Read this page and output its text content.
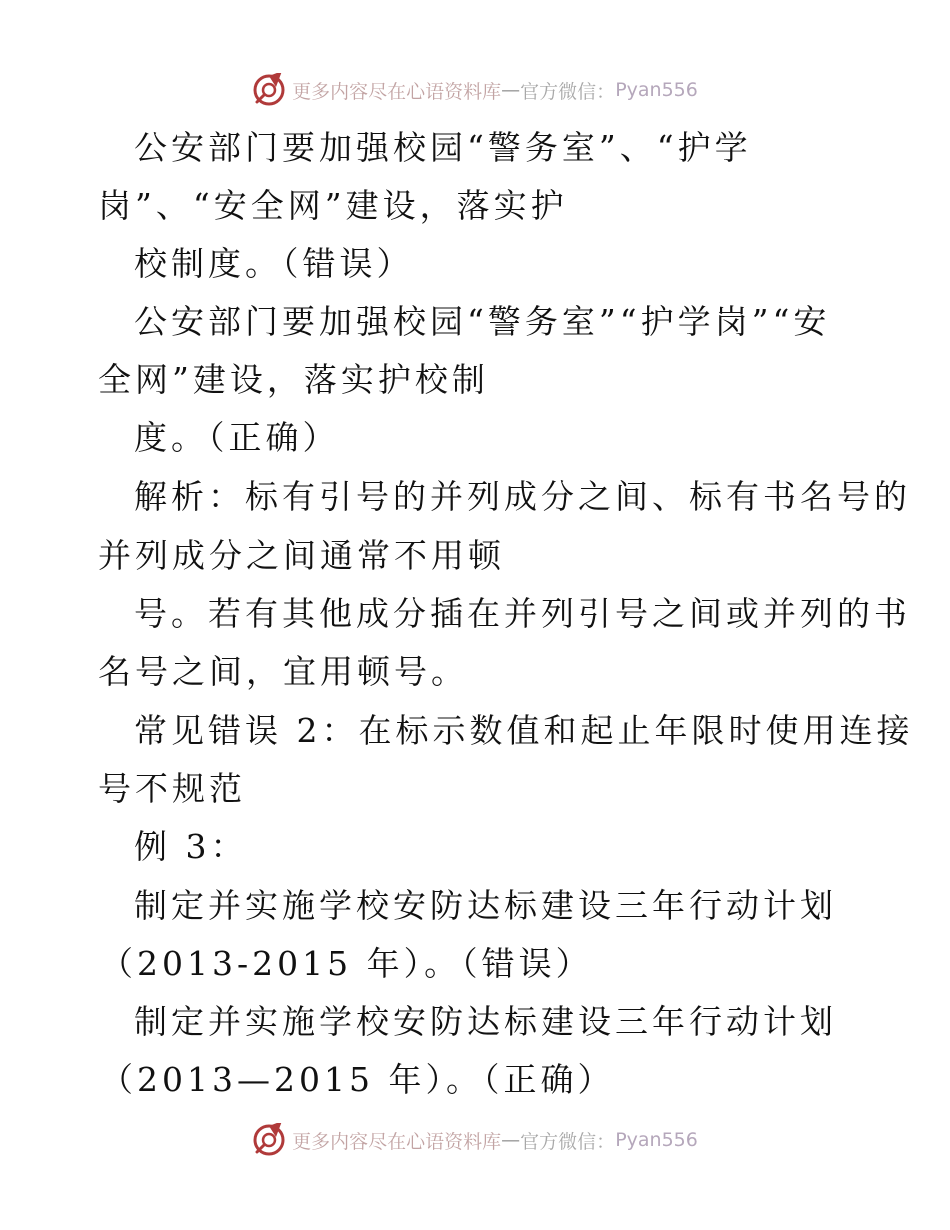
更多内容尽在心语资料库 — 官方微信： Pyan556
公安部门要加强校园“警务室”、“护学
岗”、“安全网”建设，落实护
校制度。（错误）
公安部门要加强校园“警务室”“护学岗”“安
全网”建设，落实护校制
度。（正确）
解析：标有引号的并列成分之间、标有书名号的
并列成分之间通常不用顿
号。若有其他成分插在并列引号之间或并列的书
名号之间，宜用顿号。
常见错误 2：在标示数值和起止年限时使用连接
号不规范
例 3：
制定并实施学校安防达标建设三年行动计划
（2013-2015 年）。（错误）
制定并实施学校安防达标建设三年行动计划
（2013—2015 年）。（正确）
更多内容尽在心语资料库 — 官方微信： Pyan556
